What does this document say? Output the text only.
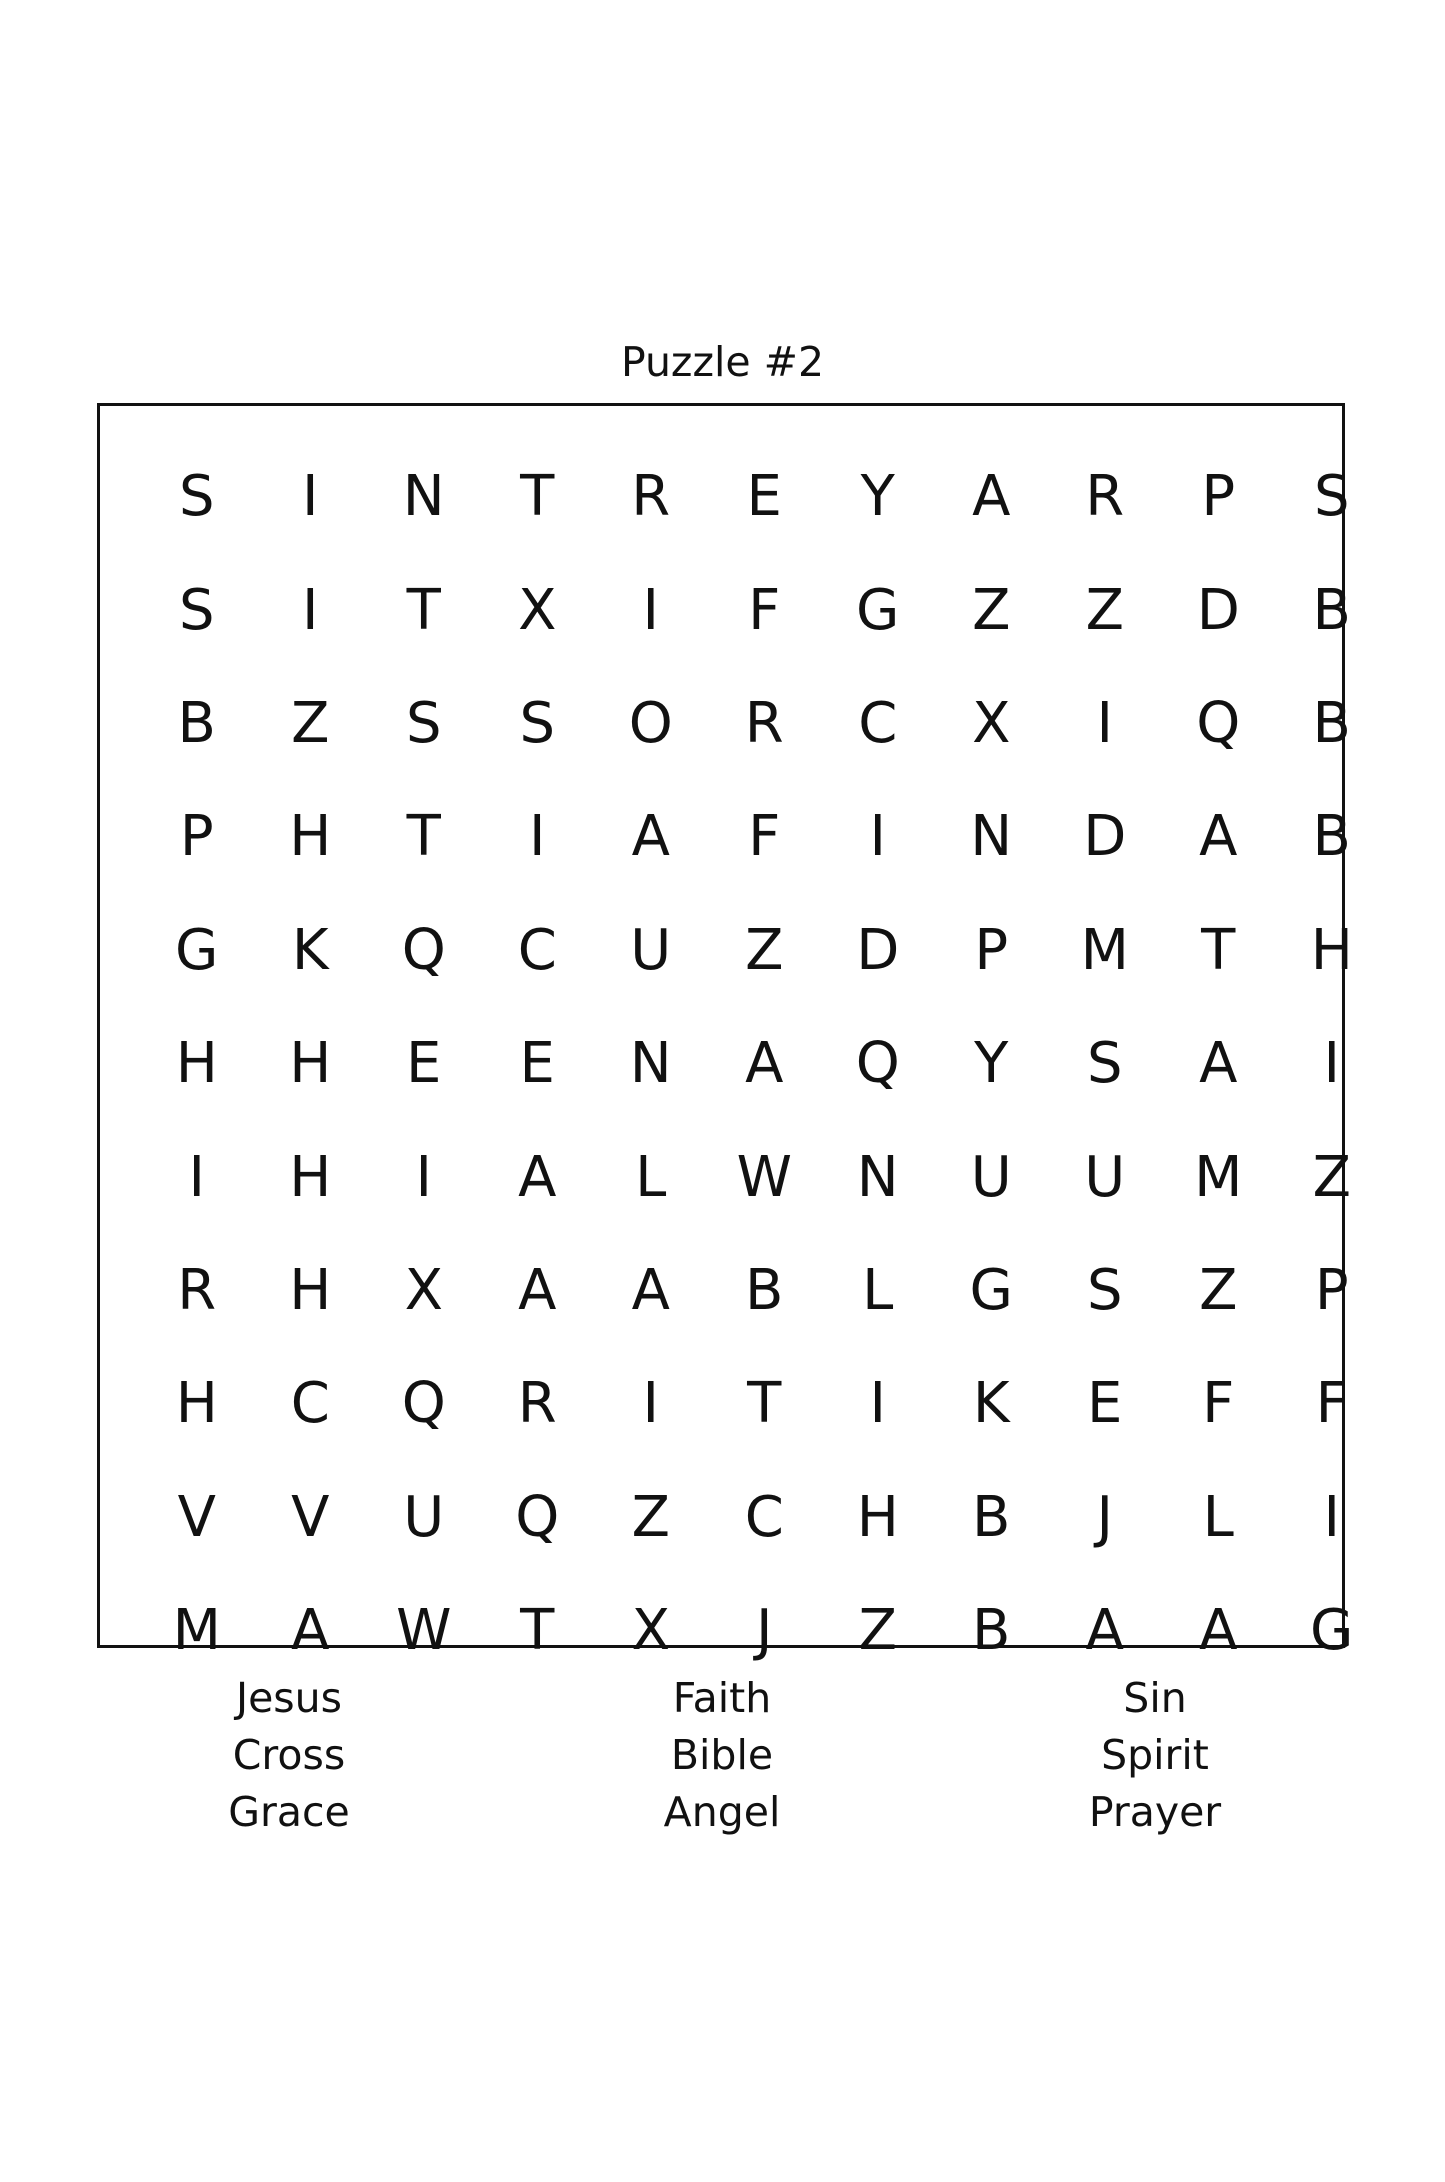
Puzzle #2
S	I	N	T	R	E	Y	A	R	P	S
S	I	T	X	I	F	G	Z	Z	D	B
B	Z	S	S	O	R	C	X	I	Q	B
P	H	T	I	A	F	I	N	D	A	B
G	K	Q	C	U	Z	D	P	M	T	H
H	H	E	E	N	A	Q	Y	S	A	I
I	H	I	A	L	W	N	U	U	M	Z
R	H	X	A	A	B	L	G	S	Z	P
H	C	Q	R	I	T	I	K	E	F	F
V	V	U	Q	Z	C	H	B	J	L	I
M	A	W	T	X	J	Z	B	A	A	G
Jesus
Cross
Grace
Faith
Bible
Angel
Sin
Spirit
Prayer
